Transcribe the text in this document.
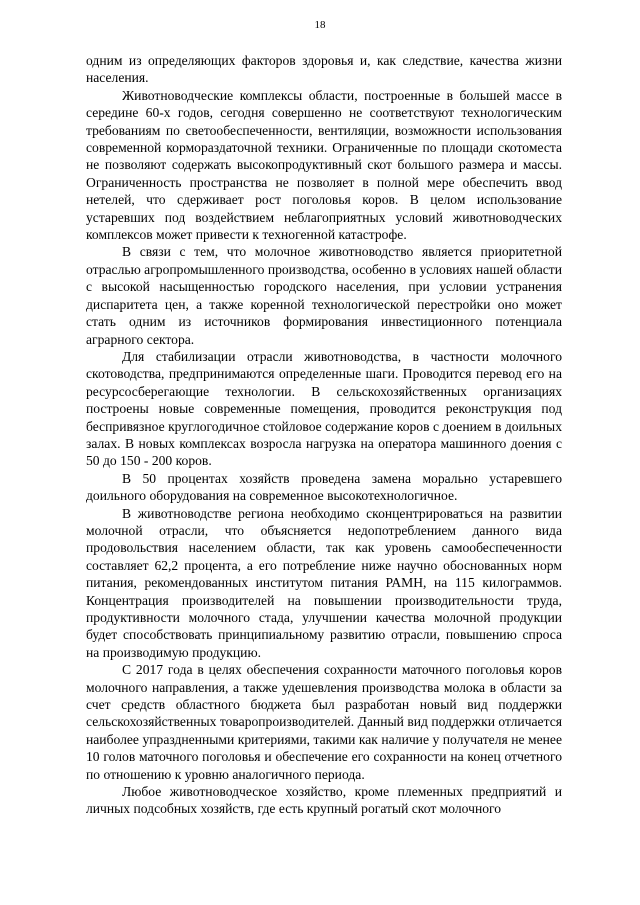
18

одним из определяющих факторов здоровья и, как следствие, качества жизни населения.

Животноводческие комплексы области, построенные в большей массе в середине 60-х годов, сегодня совершенно не соответствуют технологическим требованиям по светообеспеченности, вентиляции, возможности использования современной кормораздаточной техники. Ограниченные по площади скотоместа не позволяют содержать высокопродуктивный скот большого размера и массы. Ограниченность пространства не позволяет в полной мере обеспечить ввод нетелей, что сдерживает рост поголовья коров. В целом использование устаревших под воздействием неблагоприятных условий животноводческих комплексов может привести к техногенной катастрофе.

В связи с тем, что молочное животноводство является приоритетной отраслью агропромышленного производства, особенно в условиях нашей области с высокой насыщенностью городского населения, при условии устранения диспаритета цен, а также коренной технологической перестройки оно может стать одним из источников формирования инвестиционного потенциала аграрного сектора.

Для стабилизации отрасли животноводства, в частности молочного скотоводства, предпринимаются определенные шаги. Проводится перевод его на ресурсосберегающие технологии. В сельскохозяйственных организациях построены новые современные помещения, проводится реконструкция под беспривязное круглогодичное стойловое содержание коров с доением в доильных залах. В новых комплексах возросла нагрузка на оператора машинного доения с 50 до 150 - 200 коров.

В 50 процентах хозяйств проведена замена морально устаревшего доильного оборудования на современное высокотехнологичное.

В животноводстве региона необходимо сконцентрироваться на развитии молочной отрасли, что объясняется недопотреблением данного вида продовольствия населением области, так как уровень самообеспеченности составляет 62,2 процента, а его потребление ниже научно обоснованных норм питания, рекомендованных институтом питания РАМН, на 115 килограммов. Концентрация производителей на повышении производительности труда, продуктивности молочного стада, улучшении качества молочной продукции будет способствовать принципиальному развитию отрасли, повышению спроса на производимую продукцию.

С 2017 года в целях обеспечения сохранности маточного поголовья коров молочного направления, а также удешевления производства молока в области за счет средств областного бюджета был разработан новый вид поддержки сельскохозяйственных товаропроизводителей. Данный вид поддержки отличается наиболее упраздненными критериями, такими как наличие у получателя не менее 10 голов маточного поголовья и обеспечение его сохранности на конец отчетного по отношению к уровню аналогичного периода.

Любое животноводческое хозяйство, кроме племенных предприятий и личных подсобных хозяйств, где есть крупный рогатый скот молочного
